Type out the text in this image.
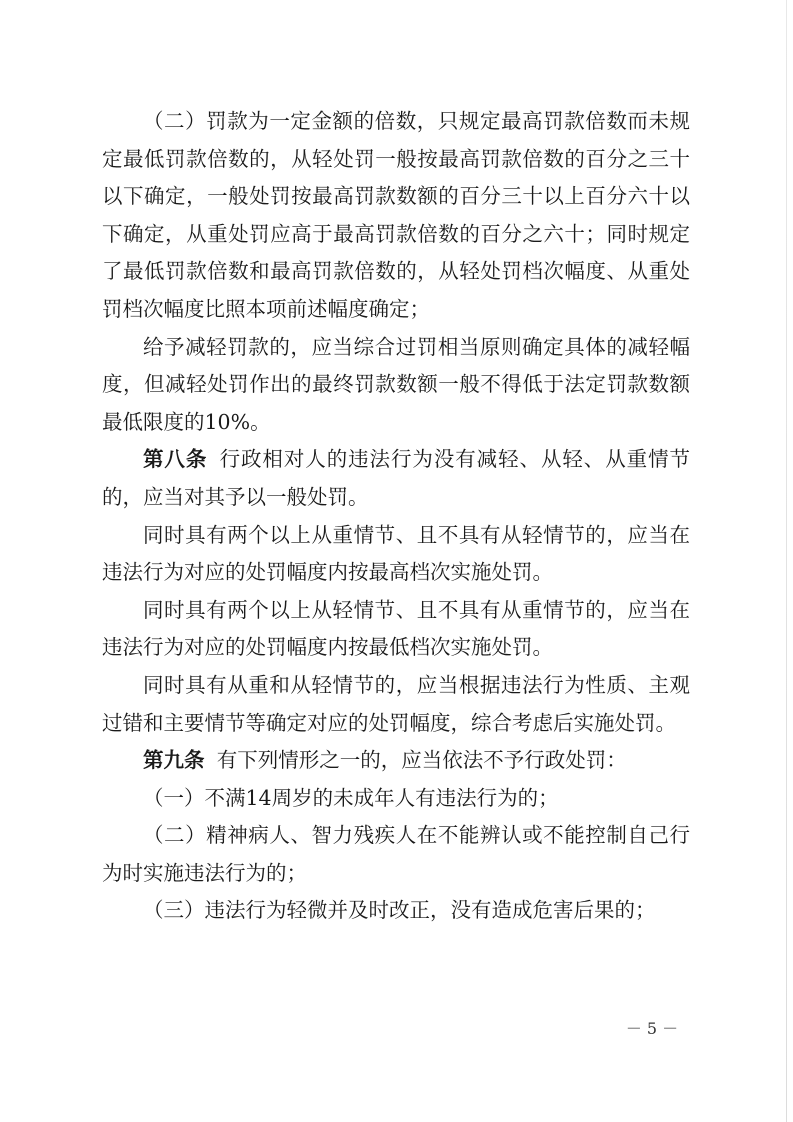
（二）罚款为一定金额的倍数，只规定最高罚款倍数而未规定最低罚款倍数的，从轻处罚一般按最高罚款倍数的百分之三十以下确定，一般处罚按最高罚款数额的百分三十以上百分六十以下确定，从重处罚应高于最高罚款倍数的百分之六十；同时规定了最低罚款倍数和最高罚款倍数的，从轻处罚档次幅度、从重处罚档次幅度比照本项前述幅度确定；

给予减轻罚款的，应当综合过罚相当原则确定具体的减轻幅度，但减轻处罚作出的最终罚款数额一般不得低于法定罚款数额最低限度的10%。

第八条 行政相对人的违法行为没有减轻、从轻、从重情节的，应当对其予以一般处罚。

同时具有两个以上从重情节、且不具有从轻情节的，应当在违法行为对应的处罚幅度内按最高档次实施处罚。

同时具有两个以上从轻情节、且不具有从重情节的，应当在违法行为对应的处罚幅度内按最低档次实施处罚。

同时具有从重和从轻情节的，应当根据违法行为性质、主观过错和主要情节等确定对应的处罚幅度，综合考虑后实施处罚。

第九条 有下列情形之一的，应当依法不予行政处罚：

（一）不满14周岁的未成年人有违法行为的；

（二）精神病人、智力残疾人在不能辨认或不能控制自己行为时实施违法行为的；

（三）违法行为轻微并及时改正，没有造成危害后果的；

－ 5 －
